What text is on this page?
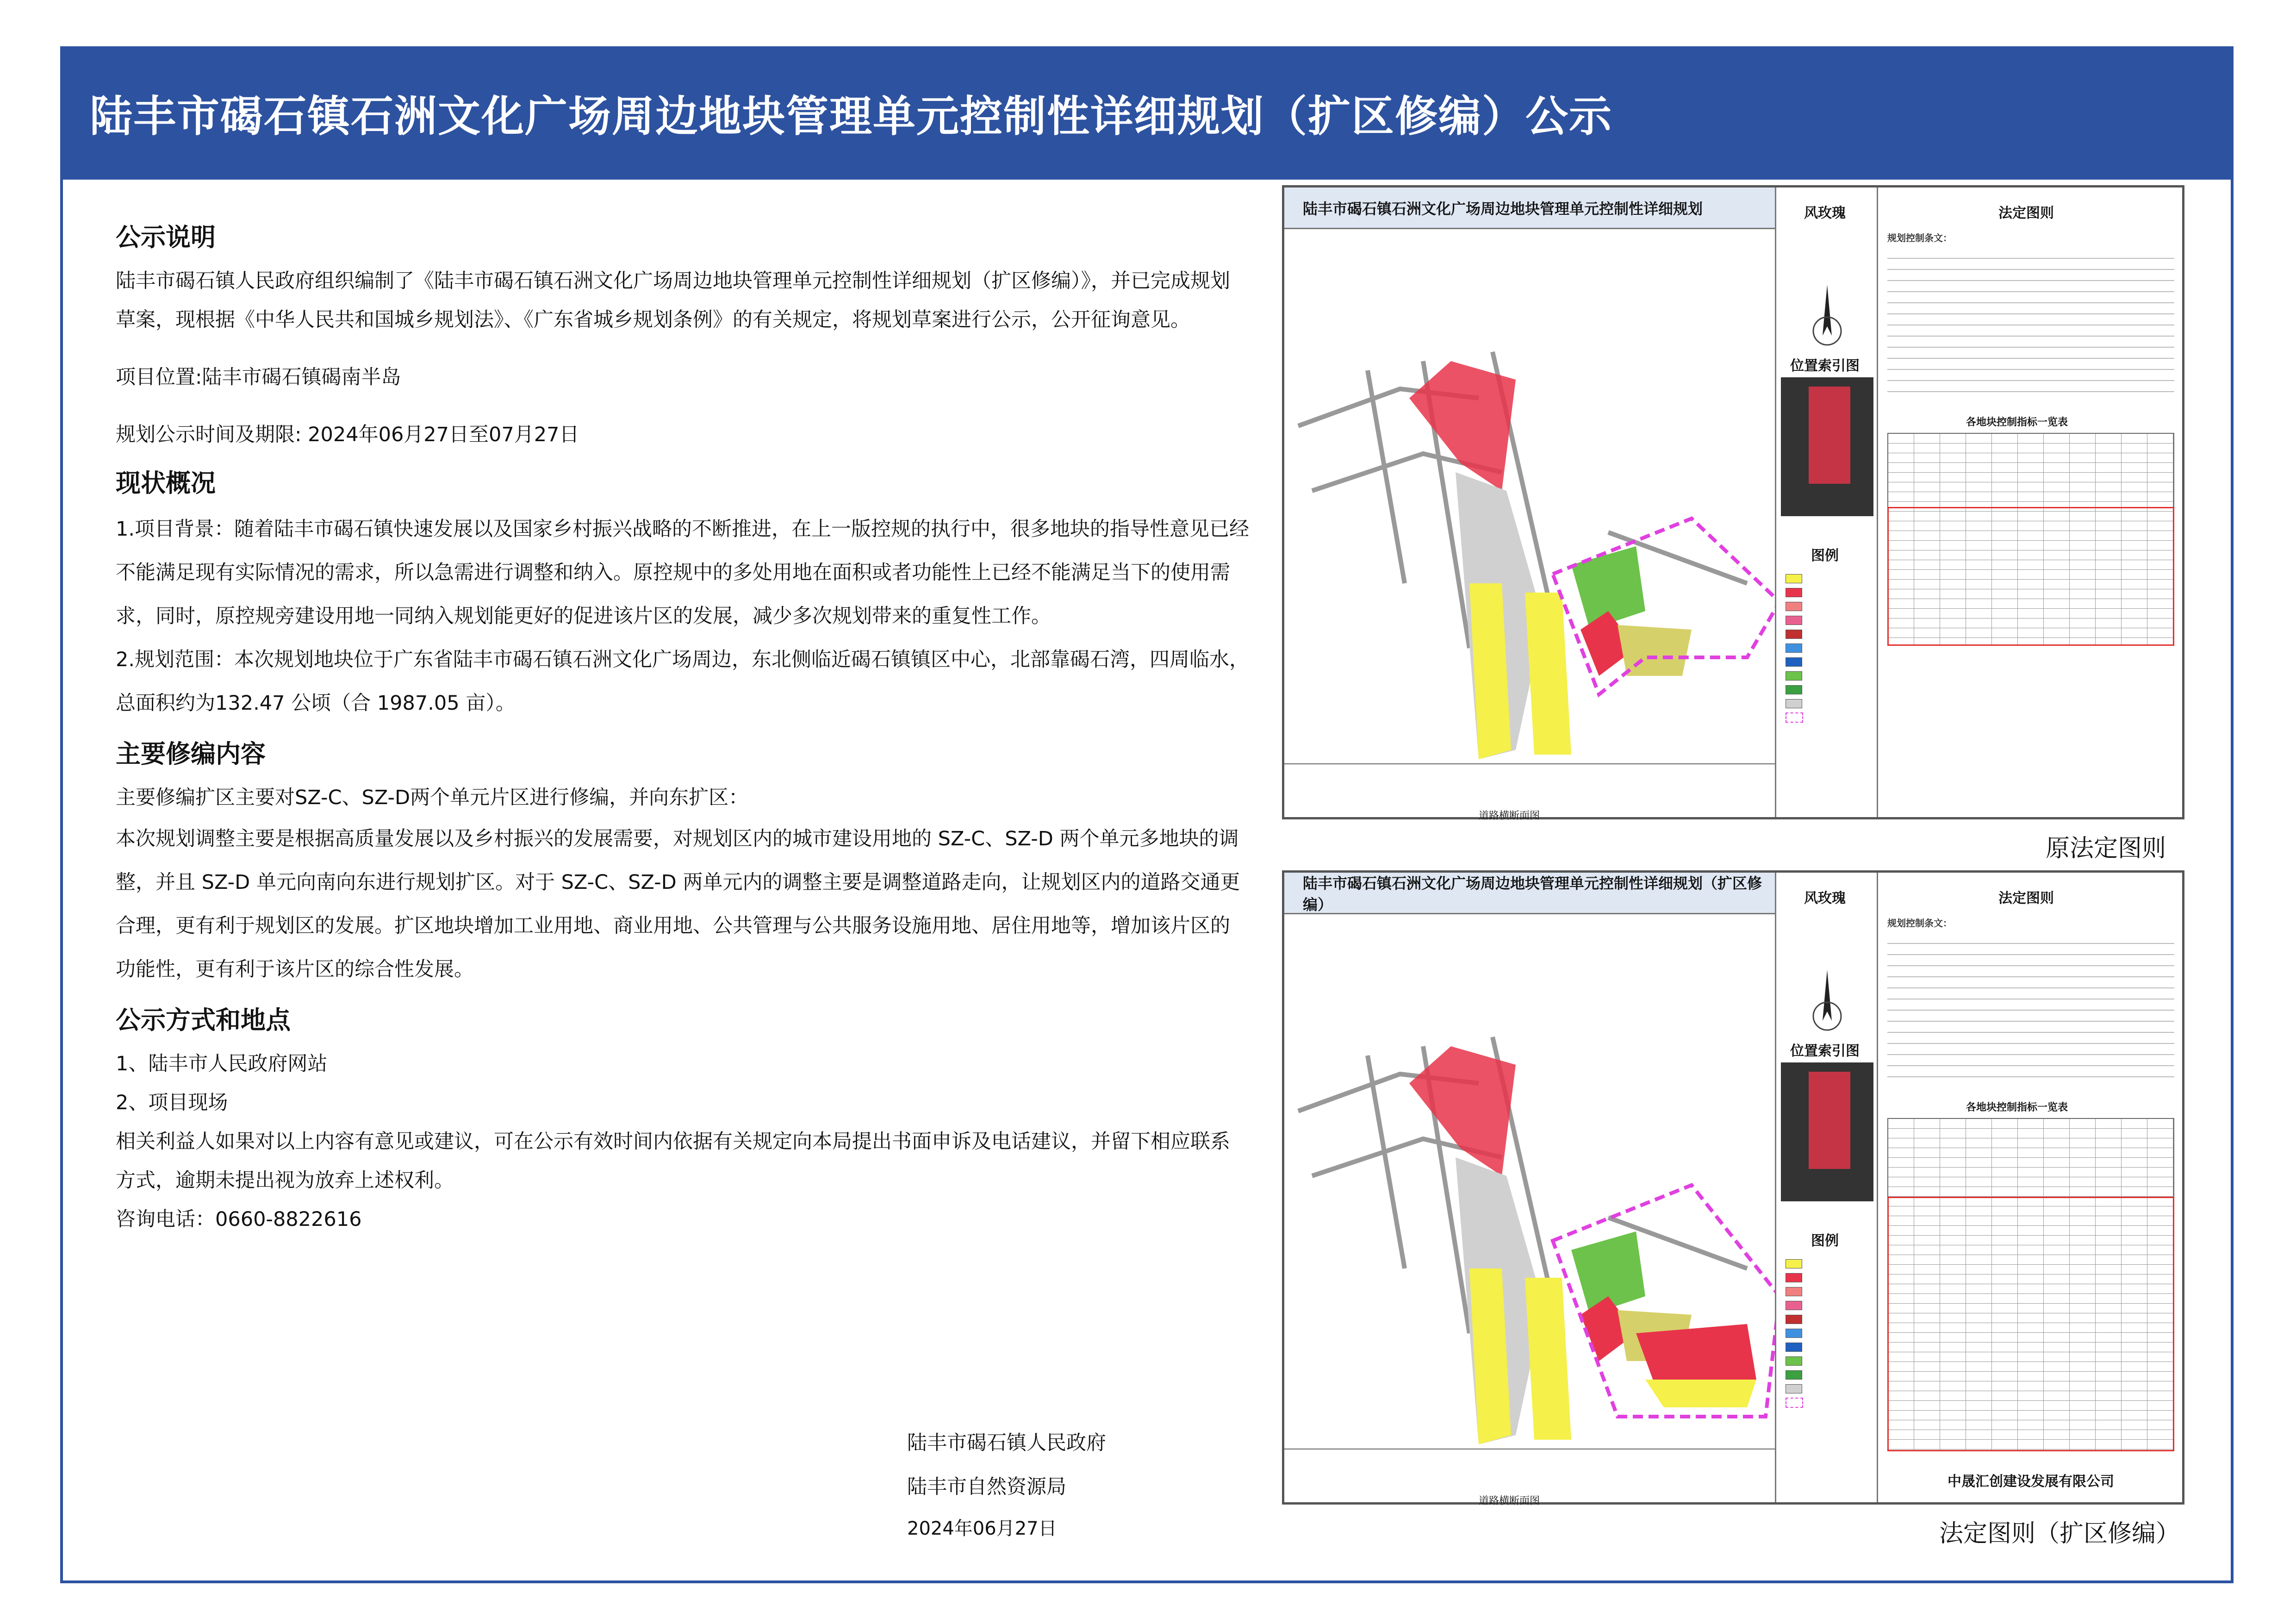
陆丰市碣石镇石洲文化广场周边地块管理单元控制性详细规划（扩区修编）公示
公示说明

陆丰市碣石镇人民政府组织编制了《陆丰市碣石镇石洲文化广场周边地块管理单元控制性详细规划（扩区修编）》，并已完成规划草案，现根据《中华人民共和国城乡规划法》、《广东省城乡规划条例》的有关规定，将规划草案进行公示，公开征询意见。

项目位置:陆丰市碣石镇碣南半岛

规划公示时间及期限: 2024年06月27日至07月27日

现状概况

1.项目背景：随着陆丰市碣石镇快速发展以及国家乡村振兴战略的不断推进，在上一版控规的执行中，很多地块的指导性意见已经不能满足现有实际情况的需求，所以急需进行调整和纳入。原控规中的多处用地在面积或者功能性上已经不能满足当下的使用需求，同时，原控规旁建设用地一同纳入规划能更好的促进该片区的发展，减少多次规划带来的重复性工作。

2.规划范围：本次规划地块位于广东省陆丰市碣石镇石洲文化广场周边，东北侧临近碣石镇镇区中心，北部靠碣石湾，四周临水，总面积约为132.47 公顷（合 1987.05 亩）。

主要修编内容

主要修编扩区主要对SZ-C、SZ-D两个单元片区进行修编，并向东扩区：

本次规划调整主要是根据高质量发展以及乡村振兴的发展需要，对规划区内的城市建设用地的 SZ-C、SZ-D 两个单元多地块的调整，并且 SZ-D 单元向南向东进行规划扩区。对于 SZ-C、SZ-D 两单元内的调整主要是调整道路走向，让规划区内的道路交通更合理，更有利于规划区的发展。扩区地块增加工业用地、商业用地、公共管理与公共服务设施用地、居住用地等，增加该片区的功能性，更有利于该片区的综合性发展。

公示方式和地点

1、陆丰市人民政府网站

2、项目现场

相关利益人如果对以上内容有意见或建议，可在公示有效时间内依据有关规定向本局提出书面申诉及电话建议，并留下相应联系方式，逾期未提出视为放弃上述权利。

咨询电话：0660-8822616

陆丰市碣石镇人民政府
陆丰市自然资源局
2024年06月27日
陆丰市碣石镇石洲文化广场周边地块管理单元控制性详细规划
道路横断面图
风玫瑰
位置索引图
图例
法定图则
规划控制条文：
各地块控制指标一览表
原法定图则
陆丰市碣石镇石洲文化广场周边地块管理单元控制性详细规划（扩区修编）
道路横断面图
风玫瑰
位置索引图
图例
法定图则
规划控制条文：
各地块控制指标一览表
中晟汇创建设发展有限公司
法定图则（扩区修编）
